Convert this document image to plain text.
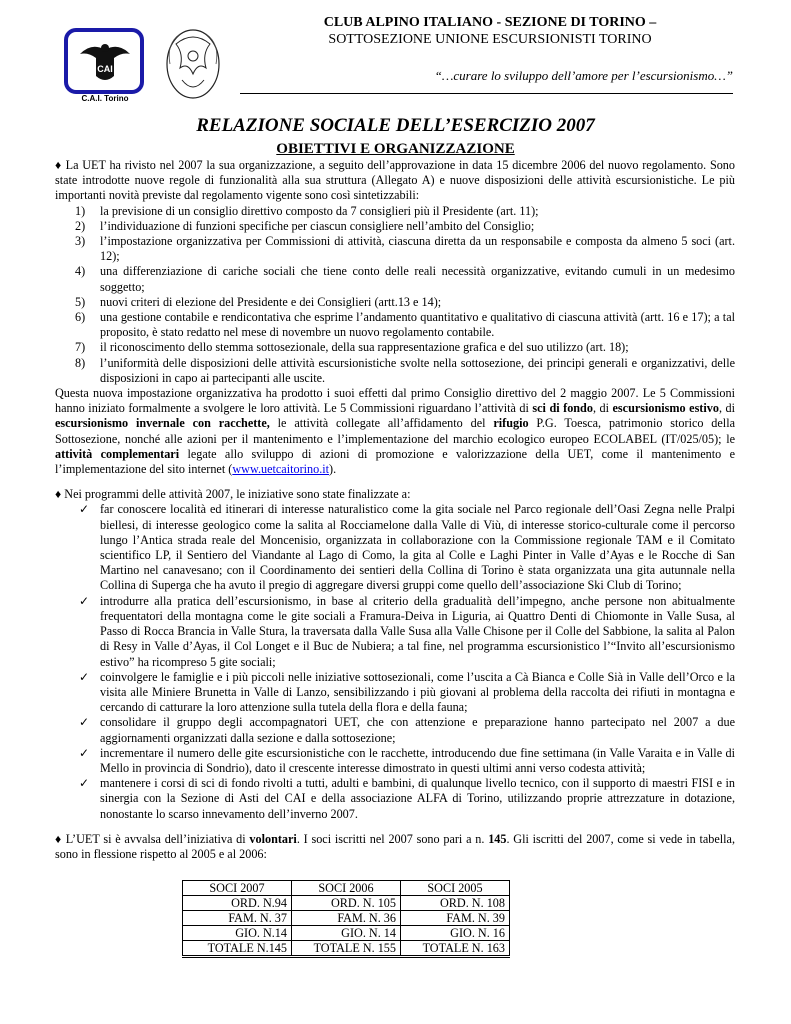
CAI
C.A.I. Torino
CLUB ALPINO ITALIANO - SEZIONE DI TORINO –
SOTTOSEZIONE UNIONE ESCURSIONISTI TORINO
“…curare lo sviluppo dell’amore per l’escursionismo…”
RELAZIONE SOCIALE DELL’ESERCIZIO 2007
OBIETTIVI E ORGANIZZAZIONE

♦ La UET ha rivisto nel 2007 la sua organizzazione, a seguito dell’approvazione in data 15 dicembre 2006 del nuovo regolamento. Sono state introdotte nuove regole di funzionalità alla sua struttura (Allegato A) e nuove disposizioni delle attività escursionistiche. Le più importanti novità previste dal regolamento vigente sono così sintetizzabili:

1) la previsione di un consiglio direttivo composto da 7 consiglieri più il Presidente (art. 11);
2) l’individuazione di funzioni specifiche per ciascun consigliere nell’ambito del Consiglio;
3) l’impostazione organizzativa per Commissioni di attività, ciascuna diretta da un responsabile e composta da almeno 5 soci (art. 12);
4) una differenziazione di cariche sociali che tiene conto delle reali necessità organizzative, evitando cumuli in un medesimo soggetto;
5) nuovi criteri di elezione del Presidente e dei Consiglieri (artt.13 e 14);
6) una gestione contabile e rendicontativa che esprime l’andamento quantitativo e qualitativo di ciascuna attività (artt. 16 e 17); a tal proposito, è stato redatto nel mese di novembre un nuovo regolamento contabile.
7) il riconoscimento dello stemma sottosezionale, della sua rappresentazione grafica e del suo utilizzo (art. 18);
8) l’uniformità delle disposizioni delle attività escursionistiche svolte nella sottosezione, dei principi generali e organizzativi, delle disposizioni in capo ai partecipanti alle uscite.

Questa nuova impostazione organizzativa ha prodotto i suoi effetti dal primo Consiglio direttivo del 2 maggio 2007. Le 5 Commissioni hanno iniziato formalmente a svolgere le loro attività. Le 5 Commissioni riguardano l’attività di sci di fondo, di escursionismo estivo, di escursionismo invernale con racchette, le attività collegate all’affidamento del rifugio P.G. Toesca, patrimonio storico della Sottosezione, nonché alle azioni per il mantenimento e l’implementazione del marchio ecologico europeo ECOLABEL (IT/025/05); le attività complementari legate allo sviluppo di azioni di promozione e valorizzazione della UET, come il mantenimento e l’implementazione del sito internet (www.uetcaitorino.it).

♦ Nei programmi delle attività 2007, le iniziative sono state finalizzate a:

✓ far conoscere località ed itinerari di interesse naturalistico come la gita sociale nel Parco regionale dell’Oasi Zegna nelle Pralpi biellesi, di interesse geologico come la salita al Rocciamelone dalla Valle di Viù, di interesse storico-culturale come il percorso lungo l’Antica strada reale del Moncenisio, organizzata in collaborazione con la Commissione regionale TAM e il Comitato scientifico LP, il Sentiero del Viandante al Lago di Como, la gita al Colle e Laghi Pinter in Valle d’Ayas e le Rocche di San Martino nel canavesano; con il Coordinamento dei sentieri della Collina di Torino è stata organizzata una gita autunnale nella Collina di Superga che ha avuto il pregio di aggregare diversi gruppi come quello dell’associazione Ski Club di Torino;
✓ introdurre alla pratica dell’escursionismo, in base al criterio della gradualità dell’impegno, anche persone non abitualmente frequentatori della montagna come le gite sociali a Framura-Deiva in Liguria, ai Quattro Denti di Chiomonte in Valle Susa, al Passo di Rocca Brancia in Valle Stura, la traversata dalla Valle Susa alla Valle Chisone per il Colle del Sabbione, la salita al Palon di Resy in Valle d’Ayas, il Col Longet e il Buc de Nubiera; a tal fine, nel programma escursionistico l’“Invito all’escursionismo estivo” ha ricompreso 5 gite sociali;
✓ coinvolgere le famiglie e i più piccoli nelle iniziative sottosezionali, come l’uscita a Cà Bianca e Colle Sià in Valle dell’Orco e la visita alle Miniere Brunetta in Valle di Lanzo, sensibilizzando i più giovani al problema della raccolta dei rifiuti in montagna e cercando di catturare la loro attenzione sulla tutela della flora e della fauna;
✓ consolidare il gruppo degli accompagnatori UET, che con attenzione e preparazione hanno partecipato nel 2007 a due aggiornamenti organizzati dalla sezione e dalla sottosezione;
✓ incrementare il numero delle gite escursionistiche con le racchette, introducendo due fine settimana (in Valle Varaita e in Valle di Mello in provincia di Sondrio), dato il crescente interesse dimostrato in questi ultimi anni verso codesta attività;
✓ mantenere i corsi di sci di fondo rivolti a tutti, adulti e bambini, di qualunque livello tecnico, con il supporto di maestri FISI e in sinergia con la Sezione di Asti del CAI e della associazione ALFA di Torino, utilizzando proprie attrezzature in dotazione, nonostante lo scarso innevamento dell’inverno 2007.

♦ L’UET si è avvalsa dell’iniziativa di volontari. I soci iscritti nel 2007 sono pari a n. 145. Gli iscritti del 2007, come si vede in tabella, sono in flessione rispetto al 2005 e al 2006:

SOCI 2007	SOCI 2006	SOCI 2005
ORD. N.94	ORD. N. 105	ORD. N. 108
FAM. N. 37	FAM. N. 36	FAM. N. 39
GIO. N.14	GIO. N. 14	GIO. N. 16
TOTALE N.145	TOTALE N. 155	TOTALE N. 163
